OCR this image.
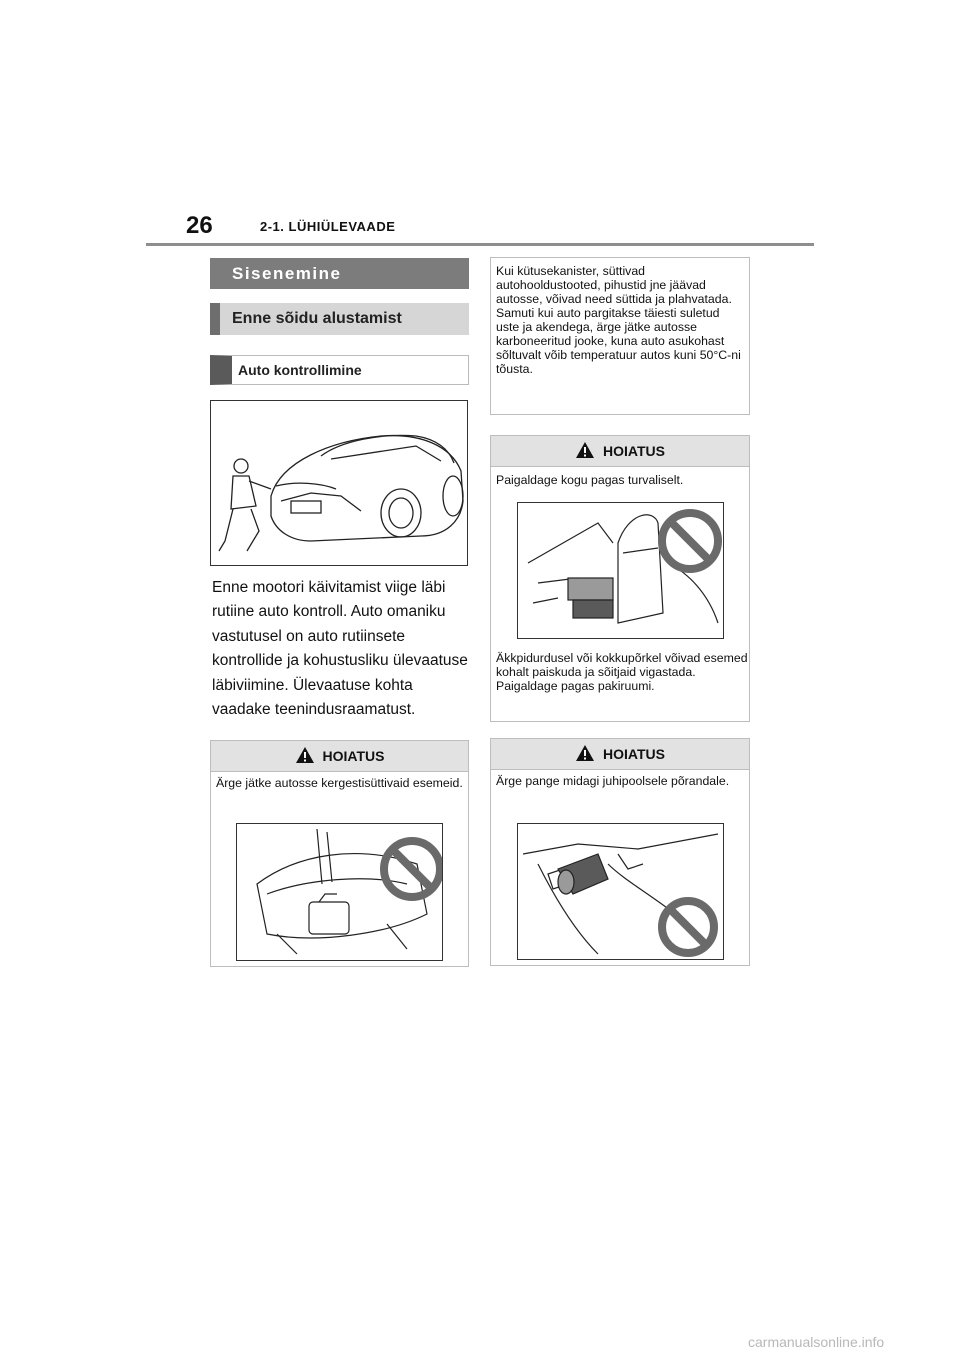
26	2-1. LÜHIÜLEVAADE
Sisenemine
Enne sõidu alustamist
Auto kontrollimine
Enne mootori käivitamist viige läbi rutiine auto kontroll. Auto omaniku vastutusel on auto rutiinsete kontrollide ja kohustusliku ülevaatuse läbiviimine. Ülevaatuse kohta vaadake teenindusraamatust.
HOIATUS
Ärge jätke autosse kergestisüttivaid esemeid.
Kui kütusekanister, süttivad autohooldustooted, pihustid jne jäävad autosse, võivad need süttida ja plahvatada. Samuti kui auto pargitakse täiesti suletud uste ja akendega, ärge jätke autosse karboneeritud jooke, kuna auto asukohast sõltuvalt võib temperatuur autos kuni 50°C-ni tõusta.
HOIATUS
Paigaldage kogu pagas turvaliselt.
Äkkpidurdusel või kokkupõrkel võivad esemed kohalt paiskuda ja sõitjaid vigastada. Paigaldage pagas pakiruumi.
HOIATUS
Ärge pange midagi juhipoolsele põrandale.
carmanualsonline.info
